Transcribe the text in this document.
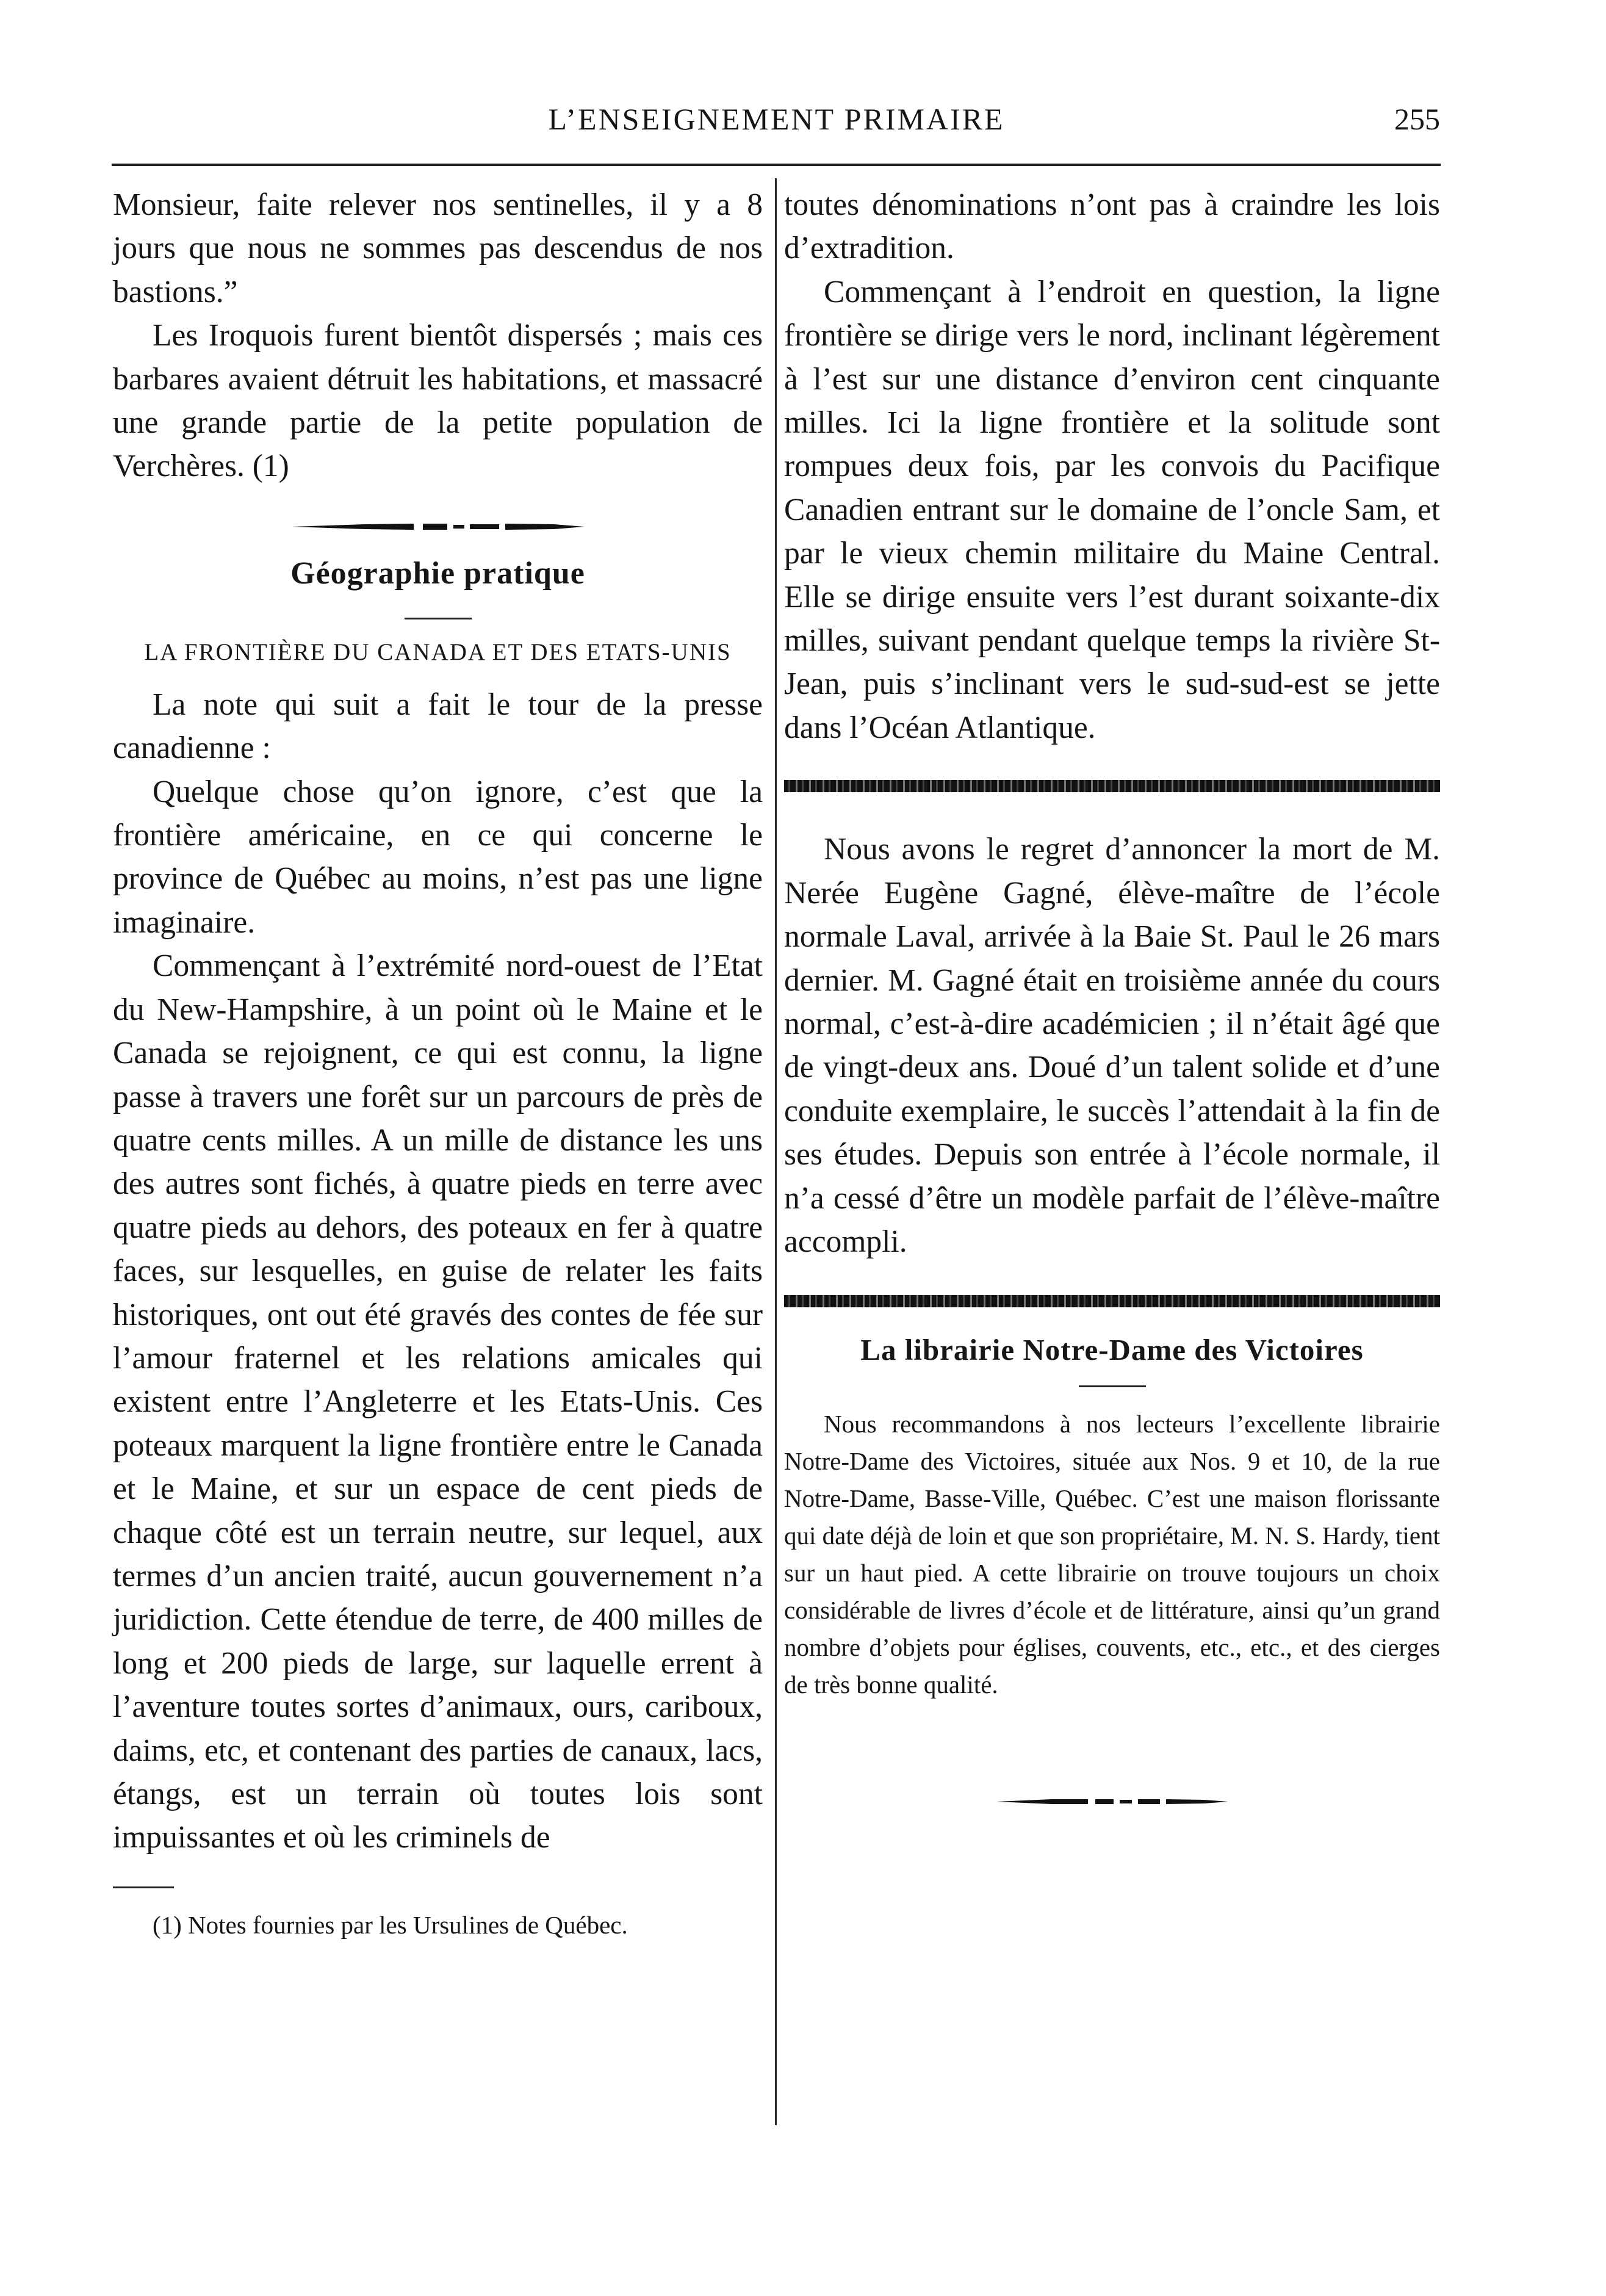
L’ENSEIGNEMENT PRIMAIRE	255

Monsieur, faite relever nos sentinelles, il y a 8 jours que nous ne sommes pas descendus de nos bastions.”

Les Iroquois furent bientôt dispersés ; mais ces barbares avaient détruit les habitations, et massacré une grande partie de la petite population de Verchères. (1)

Géographie pratique

LA FRONTIÈRE DU CANADA ET DES ETATS-UNIS

La note qui suit a fait le tour de la presse canadienne :

Quelque chose qu’on ignore, c’est que la frontière américaine, en ce qui concerne le province de Québec au moins, n’est pas une ligne imaginaire.

Commençant à l’extrémité nord-ouest de l’Etat du New-Hampshire, à un point où le Maine et le Canada se rejoignent, ce qui est connu, la ligne passe à travers une forêt sur un parcours de près de quatre cents milles. A un mille de distance les uns des autres sont fichés, à quatre pieds en terre avec quatre pieds au dehors, des poteaux en fer à quatre faces, sur lesquelles, en guise de relater les faits historiques, ont out été gravés des contes de fée sur l’amour fraternel et les relations amicales qui existent entre l’Angleterre et les Etats-Unis. Ces poteaux marquent la ligne frontière entre le Canada et le Maine, et sur un espace de cent pieds de chaque côté est un terrain neutre, sur lequel, aux termes d’un ancien traité, aucun gouvernement n’a juridiction. Cette étendue de terre, de 400 milles de long et 200 pieds de large, sur laquelle errent à l’aventure toutes sortes d’animaux, ours, cariboux, daims, etc, et contenant des parties de canaux, lacs, étangs, est un terrain où toutes lois sont impuissantes et où les criminels de

(1) Notes fournies par les Ursulines de Québec.

toutes dénominations n’ont pas à craindre les lois d’extradition.

Commençant à l’endroit en question, la ligne frontière se dirige vers le nord, inclinant légèrement à l’est sur une distance d’environ cent cinquante milles. Ici la ligne frontière et la solitude sont rompues deux fois, par les convois du Pacifique Canadien entrant sur le domaine de l’oncle Sam, et par le vieux chemin militaire du Maine Central. Elle se dirige ensuite vers l’est durant soixante-dix milles, suivant pendant quelque temps la rivière St-Jean, puis s’inclinant vers le sud-sud-est se jette dans l’Océan Atlantique.

Nous avons le regret d’annoncer la mort de M. Nerée Eugène Gagné, élève-maître de l’école normale Laval, arrivée à la Baie St. Paul le 26 mars dernier. M. Gagné était en troisième année du cours normal, c’est-à-dire académicien ; il n’était âgé que de vingt-deux ans. Doué d’un talent solide et d’une conduite exemplaire, le succès l’attendait à la fin de ses études. Depuis son entrée à l’école normale, il n’a cessé d’être un modèle parfait de l’élève-maître accompli.

La librairie Notre-Dame des Victoires

Nous recommandons à nos lecteurs l’excellente librairie Notre-Dame des Victoires, située aux Nos. 9 et 10, de la rue Notre-Dame, Basse-Ville, Québec. C’est une maison florissante qui date déjà de loin et que son propriétaire, M. N. S. Hardy, tient sur un haut pied. A cette librairie on trouve toujours un choix considérable de livres d’école et de littérature, ainsi qu’un grand nombre d’objets pour églises, couvents, etc., etc., et des cierges de très bonne qualité.
